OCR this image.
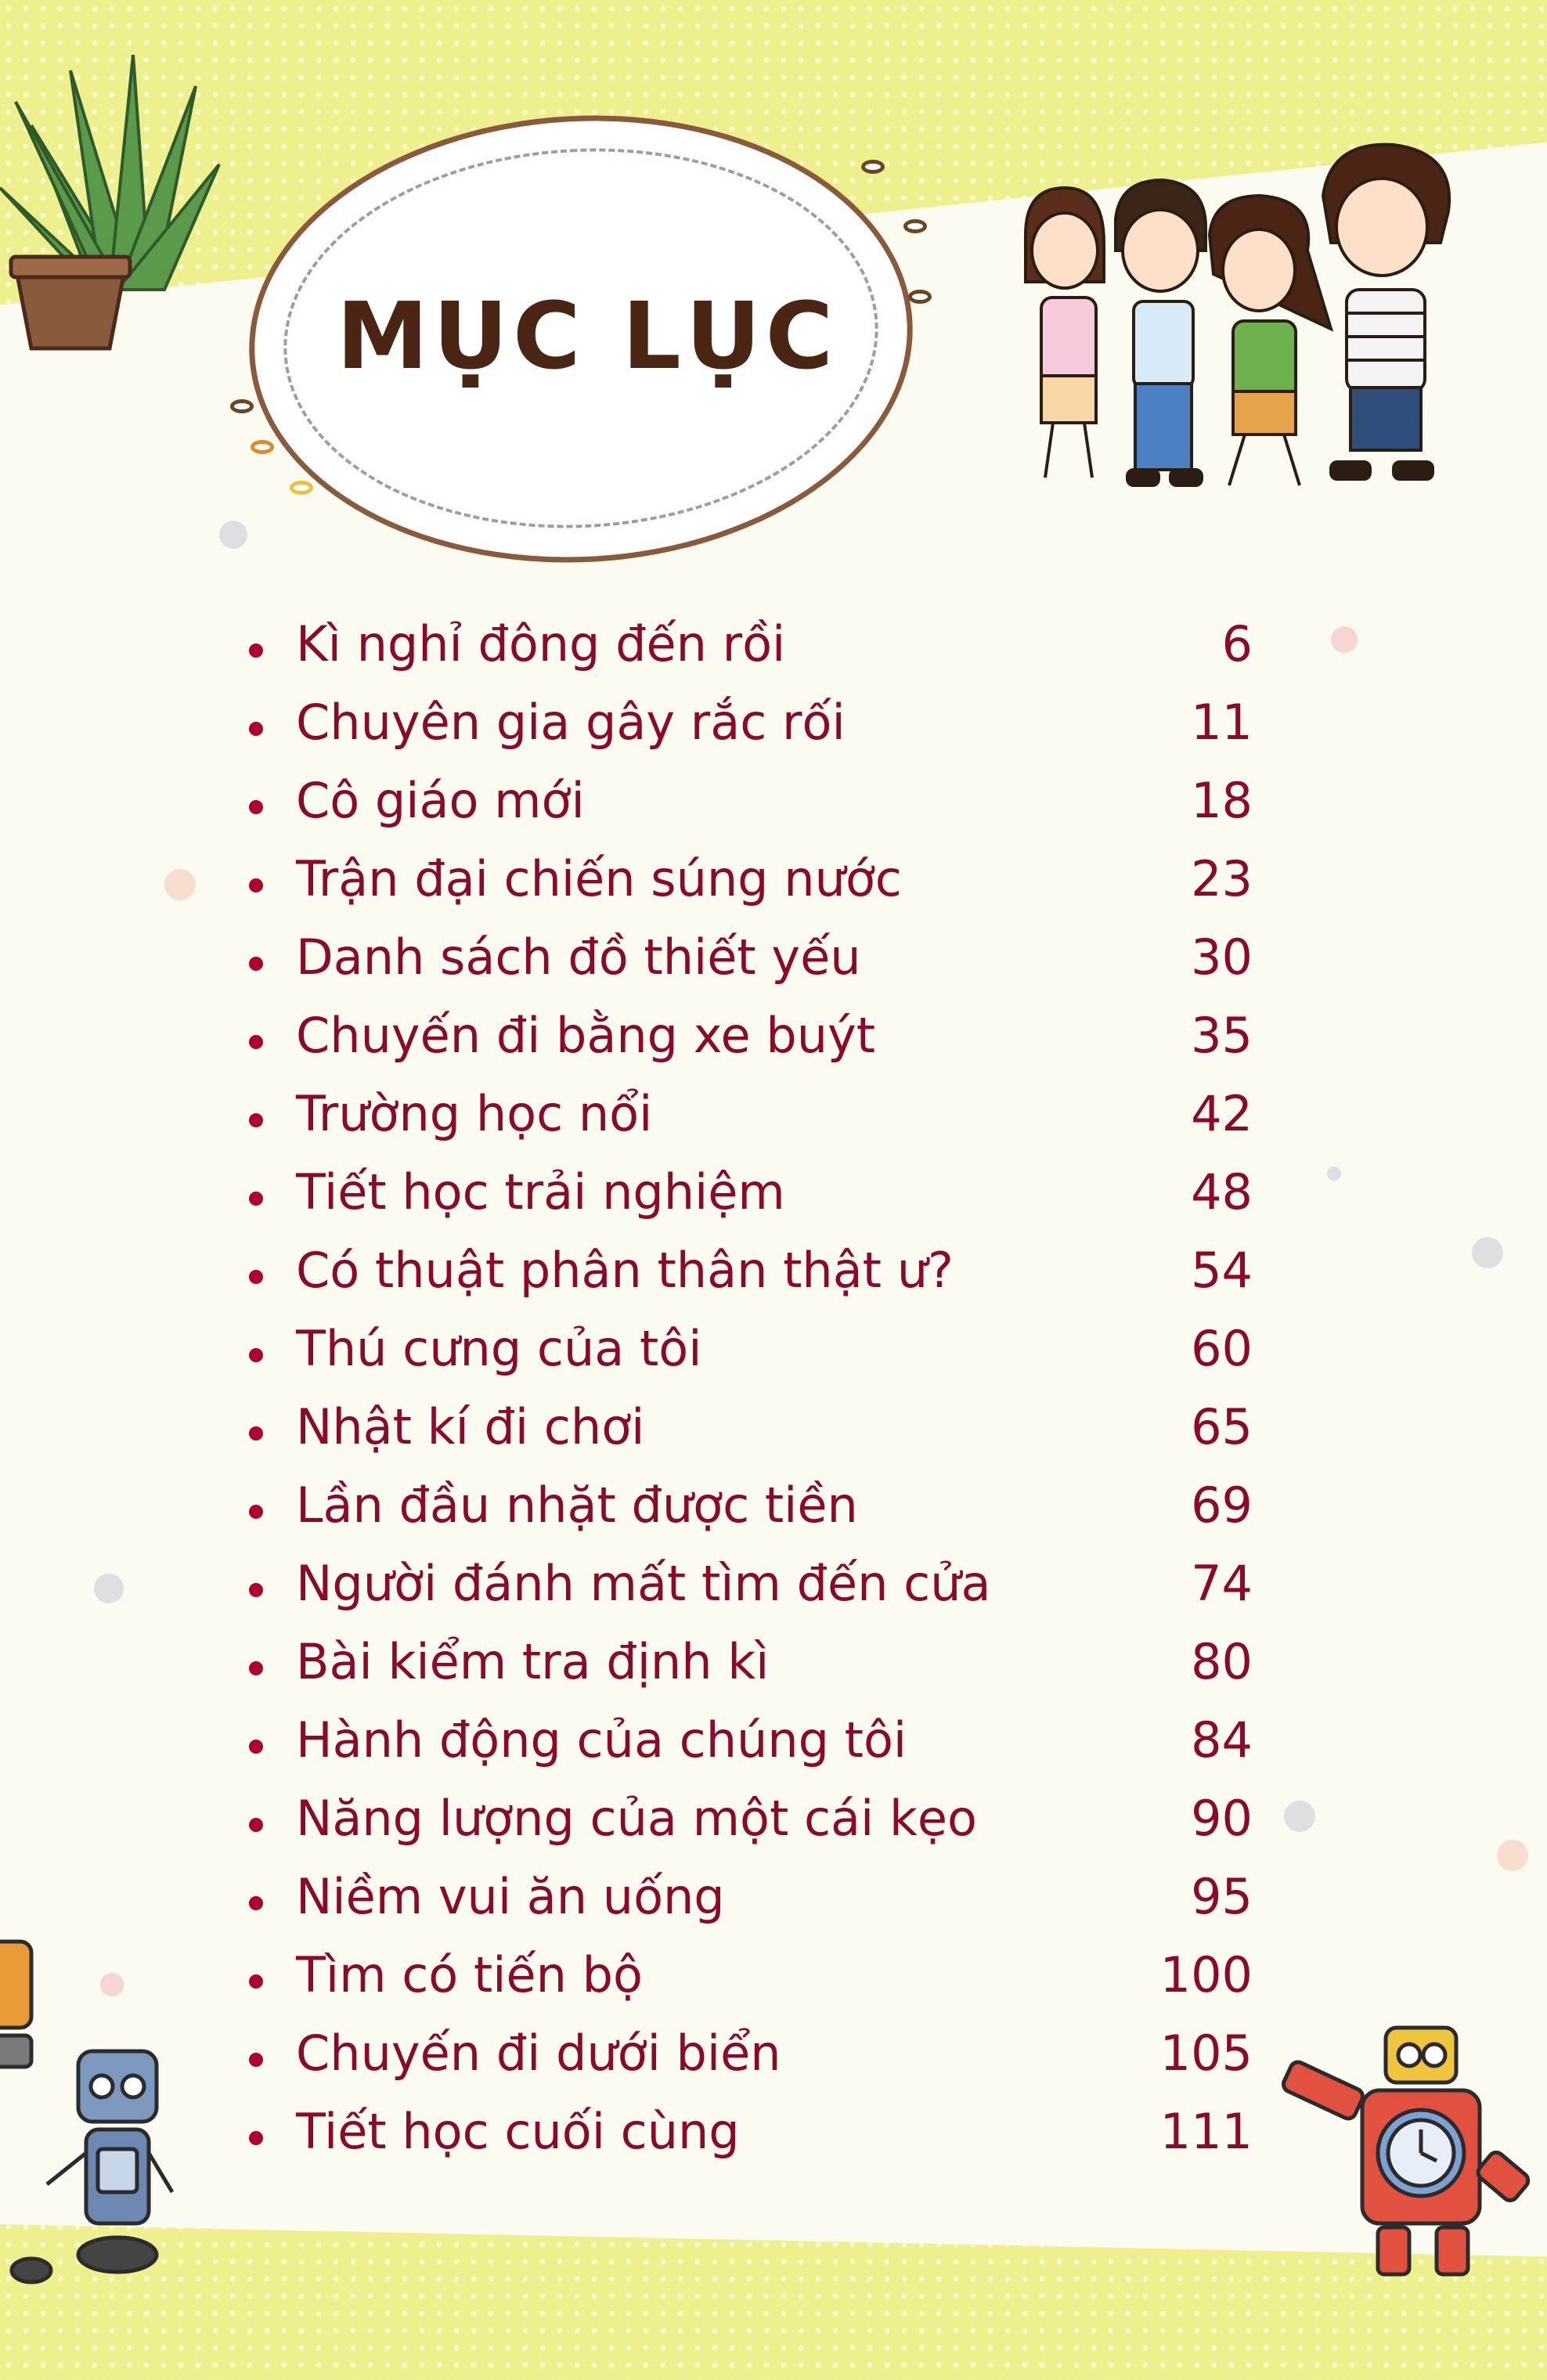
MỤC LỤC
Kì nghỉ đông đến rồi	6
Chuyên gia gây rắc rối	11
Cô giáo mới	18
Trận đại chiến súng nước	23
Danh sách đồ thiết yếu	30
Chuyến đi bằng xe buýt	35
Trường học nổi	42
Tiết học trải nghiệm	48
Có thuật phân thân thật ư?	54
Thú cưng của tôi	60
Nhật kí đi chơi	65
Lần đầu nhặt được tiền	69
Người đánh mất tìm đến cửa	74
Bài kiểm tra định kì	80
Hành động của chúng tôi	84
Năng lượng của một cái kẹo	90
Niềm vui ăn uống	95
Tìm có tiến bộ	100
Chuyến đi dưới biển	105
Tiết học cuối cùng	111
